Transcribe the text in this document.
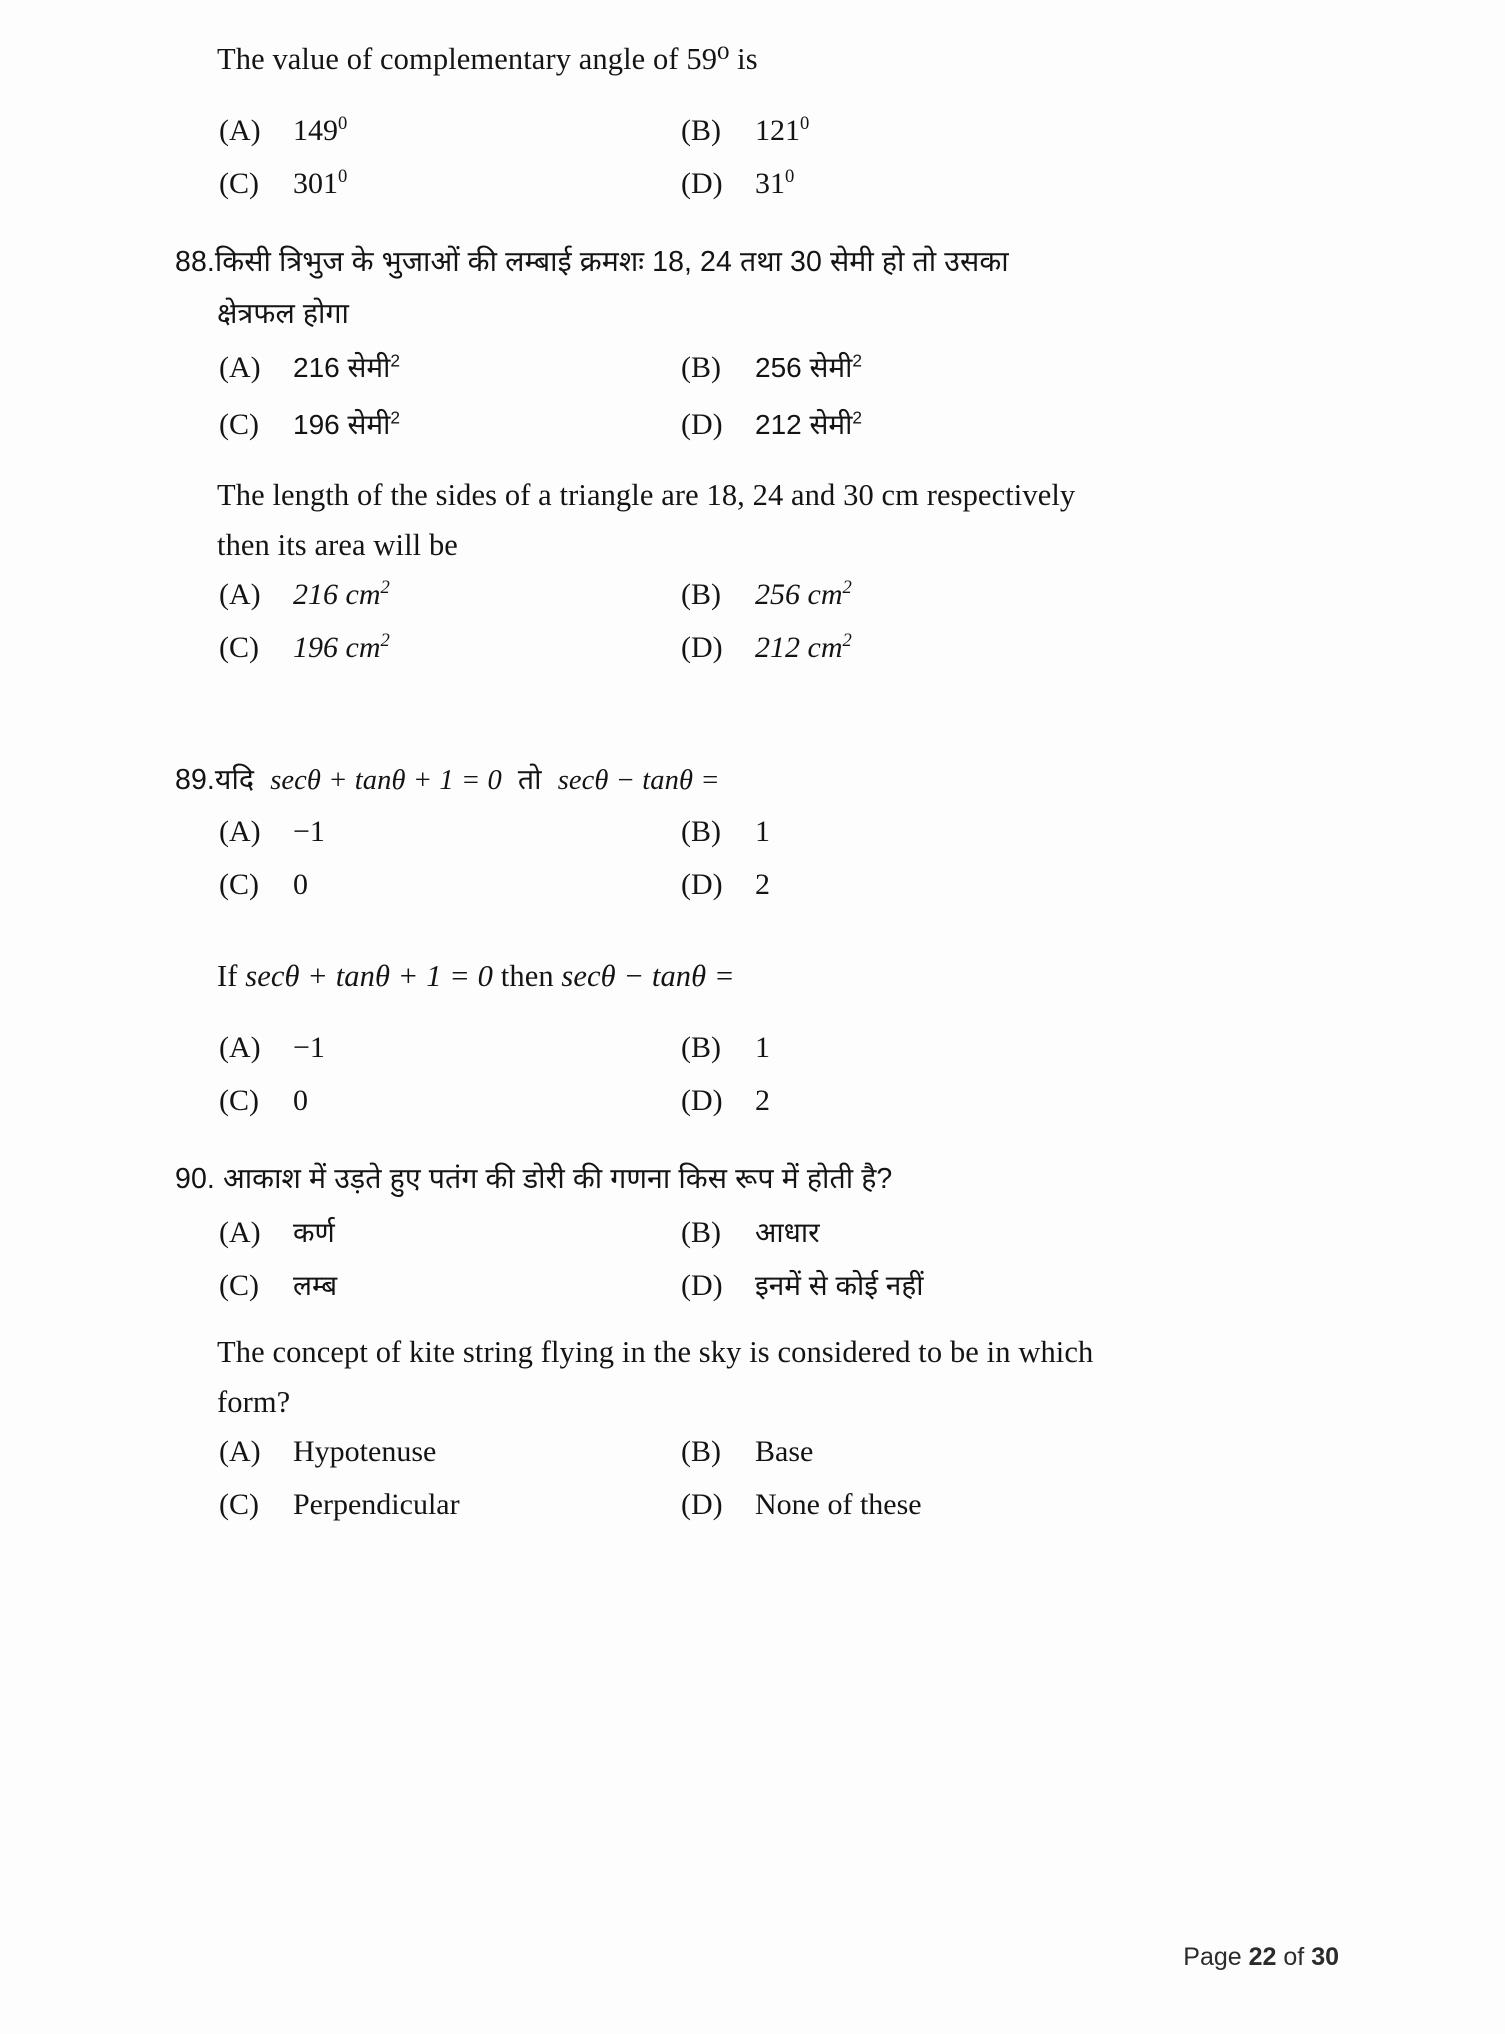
The value of complementary angle of 59⁰ is
(A)	$149^0$	(B)	$121^0$
(C)	$301^0$	(D)	$31^0$
88.किसी त्रिभुज के भुजाओं की लम्बाई क्रमशः 18, 24 तथा 30 सेमी हो तो उसका
क्षेत्रफल होगा
(A)	216 सेमी$^2$	(B)	256 सेमी$^2$
(C)	196 सेमी$^2$	(D)	212 सेमी$^2$
The length of the sides of a triangle are 18, 24 and 30 cm respectively
then its area will be
(A)	216 $cm^2$	(B)	256 $cm^2$
(C)	196 $cm^2$	(D)	212 $cm^2$
89.यदि secθ + tanθ + 1 = 0 तो secθ − tanθ =
(A)	−1	(B)	1
(C)	0	(D)	2
If secθ + tanθ + 1 = 0 then secθ − tanθ =
(A)	−1	(B)	1
(C)	0	(D)	2
90. आकाश में उड़ते हुए पतंग की डोरी की गणना किस रूप में होती है?
(A)	कर्ण	(B)	आधार
(C)	लम्ब	(D)	इनमें से कोई नहीं
The concept of kite string flying in the sky is considered to be in which
form?
(A)	Hypotenuse	(B)	Base
(C)	Perpendicular	(D)	None of these
Page 22 of 30
